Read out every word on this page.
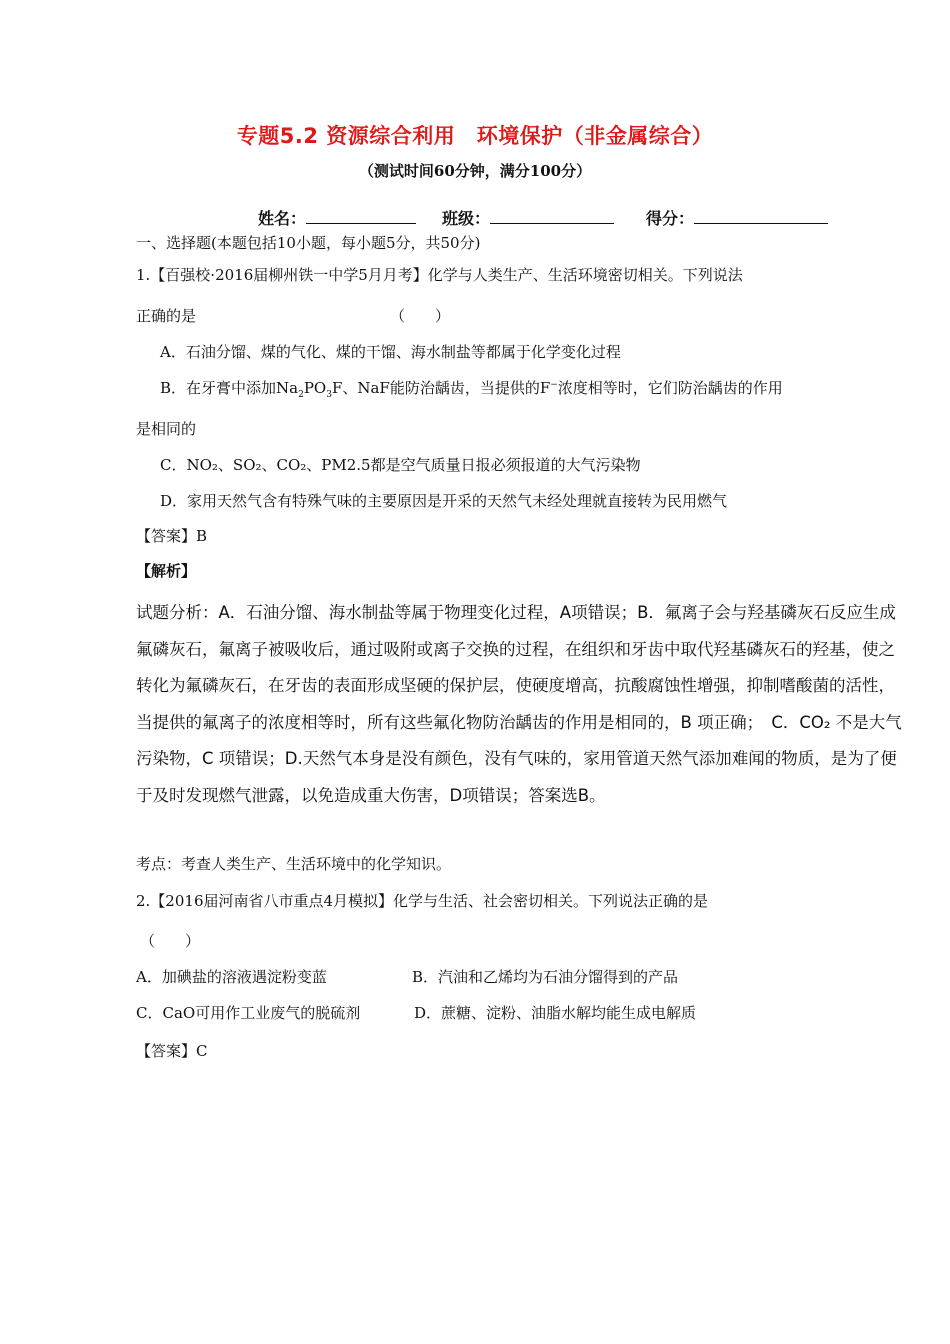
专题5.2 资源综合利用　环境保护（非金属综合）
（测试时间60分钟，满分100分）
姓名：	班级：	得分：
一、选择题(本题包括10小题，每小题5分，共50分)
1.【百强校·2016届柳州铁一中学5月月考】化学与人类生产、生活环境密切相关。下列说法
正确的是	（　　）
A．石油分馏、煤的气化、煤的干馏、海水制盐等都属于化学变化过程
B．在牙膏中添加$Na_2PO_3F$、NaF能防治龋齿，当提供的F−浓度相等时，它们防治龋齿的作用
是相同的
C．NO₂、SO₂、CO₂、PM2.5都是空气质量日报必须报道的大气污染物
D．家用天然气含有特殊气味的主要原因是开采的天然气未经处理就直接转为民用燃气
【答案】B
【解析】

试题分析：A．石油分馏、海水制盐等属于物理变化过程，A项错误；B．氟离子会与羟基磷灰石反应生成

氟磷灰石，氟离子被吸收后，通过吸附或离子交换的过程，在组织和牙齿中取代羟基磷灰石的羟基，使之

转化为氟磷灰石，在牙齿的表面形成坚硬的保护层，使硬度增高，抗酸腐蚀性增强，抑制嗜酸菌的活性，

当提供的氟离子的浓度相等时，所有这些氟化物防治龋齿的作用是相同的，B 项正确；　C．CO₂ 不是大气

污染物，C 项错误；D.天然气本身是没有颜色，没有气味的，家用管道天然气添加难闻的物质，是为了便

于及时发现燃气泄露，以免造成重大伤害，D项错误；答案选B。

考点：考查人类生产、生活环境中的化学知识。
2.【2016届河南省八市重点4月模拟】化学与生活、社会密切相关。下列说法正确的是
（　　）
A．加碘盐的溶液遇淀粉变蓝	B．汽油和乙烯均为石油分馏得到的产品
C．CaO可用作工业废气的脱硫剂	D．蔗糖、淀粉、油脂水解均能生成电解质
【答案】C
